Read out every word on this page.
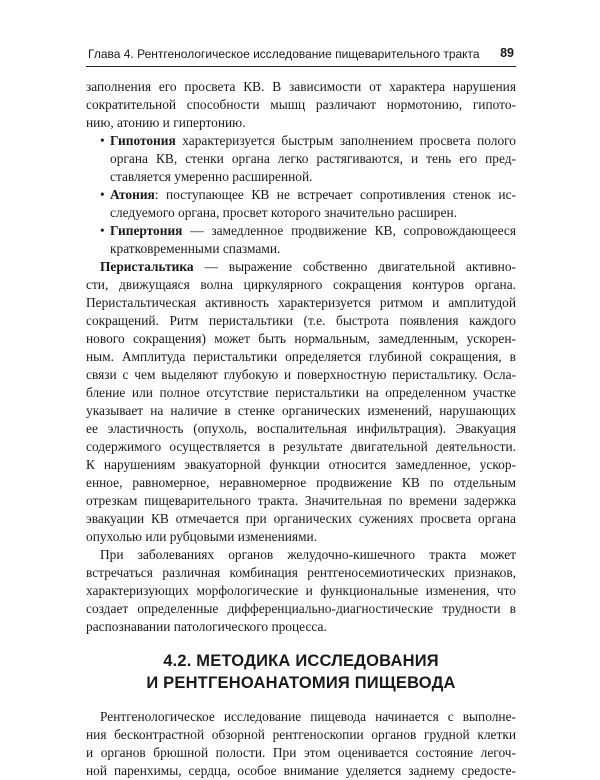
Глава 4. Рентгенологическое исследование пищеварительного тракта 89
заполнения его просвета КВ. В зависимости от характера нарушения
сократительной способности мышц различают нормотонию, гипото-
нию, атонию и гипертонию.
• Гипотония характеризуется быстрым заполнением просвета полого
органа КВ, стенки органа легко растягиваются, и тень его пред-
ставляется умеренно расширенной.
• Атония: поступающее КВ не встречает сопротивления стенок ис-
следуемого органа, просвет которого значительно расширен.
• Гипертония — замедленное продвижение КВ, сопровождающееся
кратковременными спазмами.
Перистальтика — выражение собственно двигательной активно-
сти, движущаяся волна циркулярного сокращения контуров органа.
Перистальтическая активность характеризуется ритмом и амплитудой
сокращений. Ритм перистальтики (т.е. быстрота появления каждого
нового сокращения) может быть нормальным, замедленным, ускорен-
ным. Амплитуда перистальтики определяется глубиной сокращения, в
связи с чем выделяют глубокую и поверхностную перистальтику. Осла-
бление или полное отсутствие перистальтики на определенном участке
указывает на наличие в стенке органических изменений, нарушающих
ее эластичность (опухоль, воспалительная инфильтрация). Эвакуация
содержимого осуществляется в результате двигательной деятельности.
К нарушениям эвакуаторной функции относится замедленное, ускор-
енное, равномерное, неравномерное продвижение КВ по отдельным
отрезкам пищеварительного тракта. Значительная по времени задержка
эвакуации КВ отмечается при органических сужениях просвета органа
опухолью или рубцовыми изменениями.
При заболеваниях органов желудочно-кишечного тракта может
встречаться различная комбинация рентгеносемиотических признаков,
характеризующих морфологические и функциональные изменения, что
создает определенные дифференциально-диагностические трудности в
распознавании патологического процесса.
4.2. МЕТОДИКА ИССЛЕДОВАНИЯ
И РЕНТГЕНОАНАТОМИЯ ПИЩЕВОДА
Рентгенологическое исследование пищевода начинается с выполне-
ния бесконтрастной обзорной рентгеноскопии органов грудной клетки
и органов брюшной полости. При этом оценивается состояние легоч-
ной паренхимы, сердца, особое внимание уделяется заднему средосте-
